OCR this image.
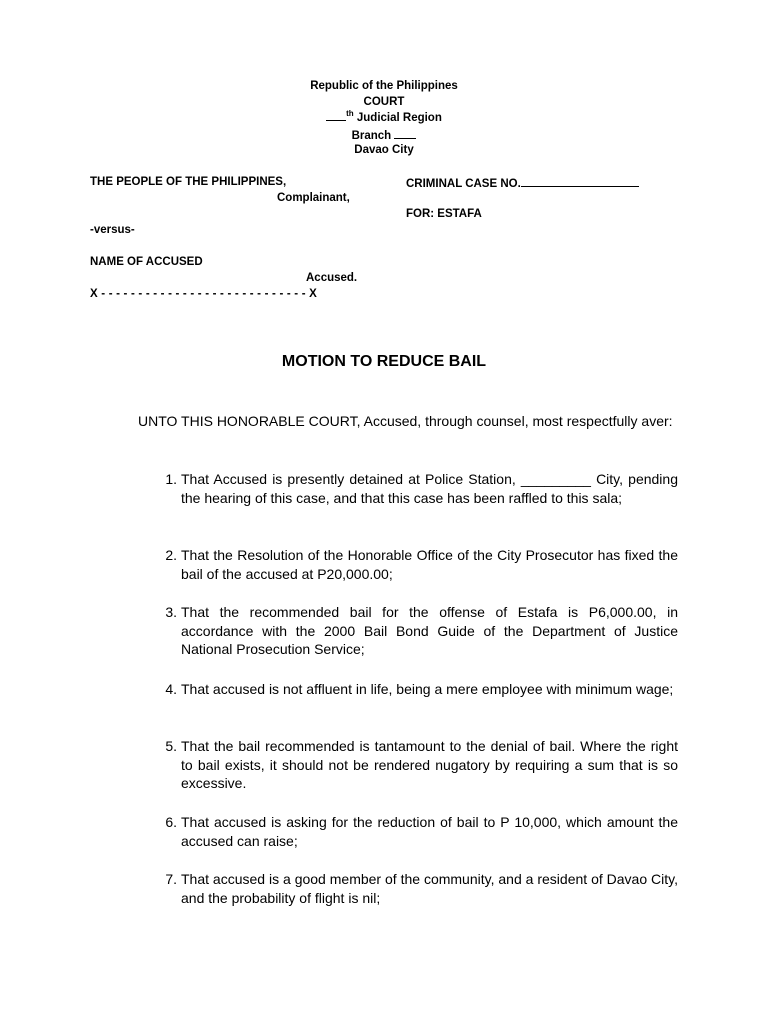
Republic of the Philippines
COURT
$^{th}$ Judicial Region
Branch
Davao City
THE PEOPLE OF THE PHILIPPINES,
Complainant,
-versus-
NAME OF ACCUSED
Accused.
X - - - - - - - - - - - - - - - - - - - - - - - - - - - - X
CRIMINAL CASE NO.
FOR: ESTAFA
MOTION TO REDUCE BAIL
UNTO THIS HONORABLE COURT, Accused, through counsel, most respectfully aver:
1. That Accused is presently detained at Police Station, _________ City, pending the hearing of this case, and that this case has been raffled to this sala;
2. That the Resolution of the Honorable Office of the City Prosecutor has fixed the bail of the accused at P20,000.00;
3. That the recommended bail for the offense of Estafa is P6,000.00, in accordance with the 2000 Bail Bond Guide of the Department of Justice National Prosecution Service;
4. That accused is not affluent in life, being a mere employee with minimum wage;
5. That the bail recommended is tantamount to the denial of bail. Where the right to bail exists, it should not be rendered nugatory by requiring a sum that is so excessive.
6. That accused is asking for the reduction of bail to P 10,000, which amount the accused can raise;
7. That accused is a good member of the community, and a resident of Davao City, and the probability of flight is nil;
